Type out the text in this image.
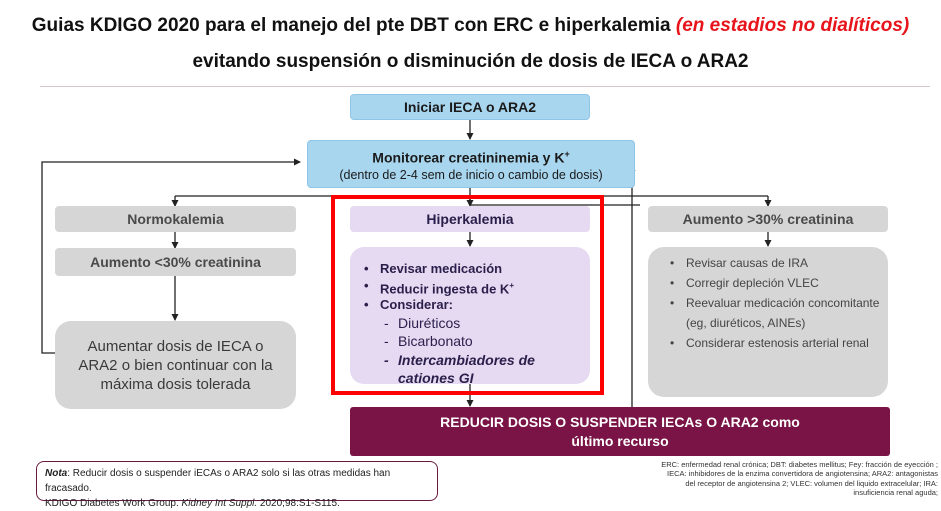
Guias KDIGO 2020 para el manejo del pte DBT con ERC e hiperkalemia (en estadios no dialíticos) evitando suspensión o disminución de dosis de IECA o ARA2
Iniciar IECA o ARA2
Monitorear creatininemia y K+
(dentro de 2-4 sem de inicio o cambio de dosis)
Normokalemia
Aumento <30% creatinina
Aumentar dosis de IECA o ARA2 o bien continuar con la máxima dosis tolerada
Hiperkalemia
• Revisar medicación
• Reducir ingesta de K+
• Considerar:
- Diuréticos
- Bicarbonato
- Intercambiadores de cationes GI
Aumento >30% creatinina
• Revisar causas de IRA
• Corregir depleción VLEC
• Reevaluar medicación concomitante (eg, diuréticos, AINEs)
• Considerar estenosis arterial renal
REDUCIR DOSIS O SUSPENDER IECAs O ARA2 como
último recurso
Nota: Reducir dosis o suspender iECAs o ARA2 solo si las otras medidas han fracasado.
KDIGO Diabetes Work Group. Kidney Int Suppl. 2020;98:S1-S115.
ERC: enfermedad renal crónica; DBT: diabetes mellitus; Fey: fracción de eyección ;
IECA: inhibidores de la enzima convertidora de angiotensina; ARA2: antagonistas
del receptor de angiotensina 2; VLEC: volumen del liquido extracelular; IRA:
insuficiencia renal aguda;
